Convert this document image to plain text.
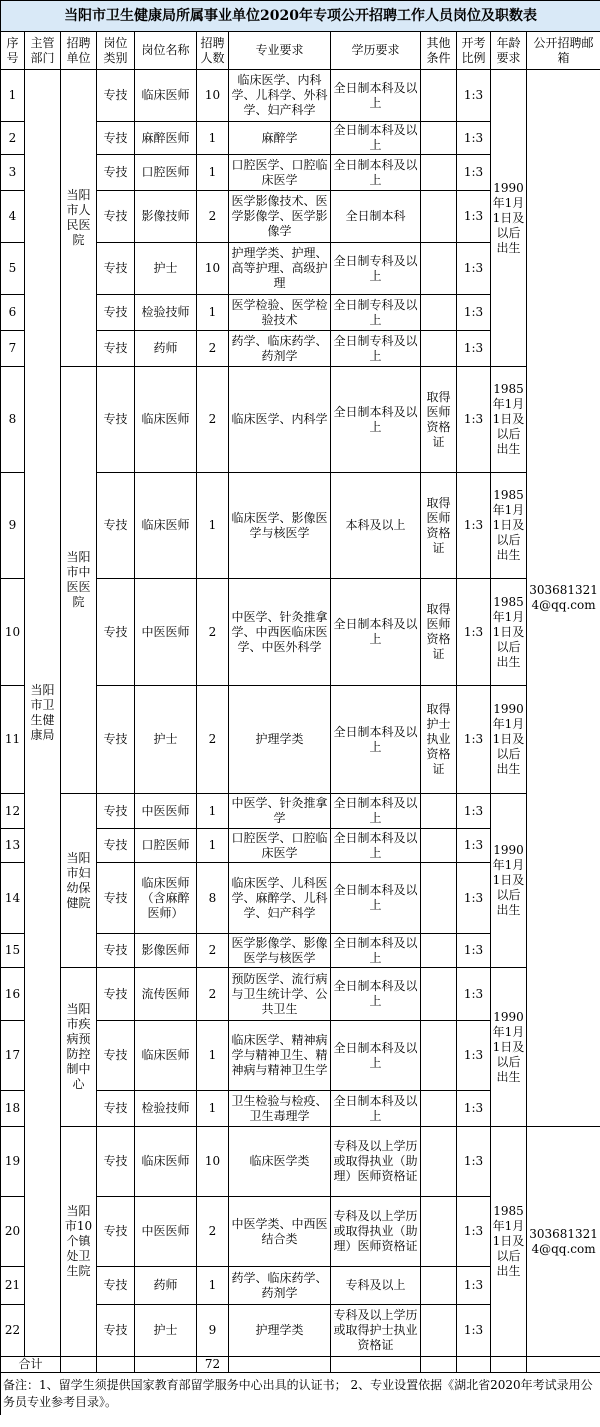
当阳市卫生健康局所属事业单位2020年专项公开招聘工作人员岗位及职数表											
序号	主管部门	招聘单位	岗位类别	岗位名称	招聘人数	专业要求	学历要求	其他条件	开考比例	年龄要求	公开招聘邮箱
1	当阳市卫生健康局	当阳市人民医院	专技	临床医师	10	临床医学、内科学、儿科学、外科学、妇产科学	全日制本科及以上		1:3	1990年1月1日及以后出生	3036813214@qq.com
2			专技	麻醉医师	1	麻醉学	全日制本科及以上		1:3		
3			专技	口腔医师	1	口腔医学、口腔临床医学	全日制本科及以上		1:3		
4			专技	影像技师	2	医学影像技术、医学影像学、医学影像学	全日制本科		1:3		
5			专技	护士	10	护理学类、护理、高等护理、高级护理	全日制专科及以上		1:3		
6			专技	检验技师	1	医学检验、医学检验技术	全日制专科及以上		1:3		
7			专技	药师	2	药学、临床药学、药剂学	全日制专科及以上		1:3		
8		当阳市中医医院	专技	临床医师	2	临床医学、内科学	全日制本科及以上	取得医师资格证	1:3	1985年1月1日及以后出生	
9			专技	临床医师	1	临床医学、影像医学与核医学	本科及以上	取得医师资格证	1:3	1985年1月1日及以后出生	
10			专技	中医医师	2	中医学、针灸推拿学、中西医临床医学、中医外科学	全日制本科及以上	取得医师资格证	1:3	1985年1月1日及以后出生	
11			专技	护士	2	护理学类	全日制本科及以上	取得护士执业资格证	1:3	1990年1月1日及以后出生	
12		当阳市妇幼保健院	专技	中医医师	1	中医学、针灸推拿学	全日制本科及以上		1:3	1990年1月1日及以后出生	
13			专技	口腔医师	1	口腔医学、口腔临床医学	全日制本科及以上		1:3		
14			专技	临床医师（含麻醉医师）	8	临床医学、儿科医学、麻醉学、儿科学、妇产科学	全日制本科及以上		1:3		
15			专技	影像医师	2	医学影像学、影像医学与核医学	全日制本科及以上		1:3		
16		当阳市疾病预防控制中心	专技	流传医师	2	预防医学、流行病与卫生统计学、公共卫生	全日制本科及以上		1:3	1990年1月1日及以后出生	
17			专技	临床医师	1	临床医学、精神病学与精神卫生、精神病与精神卫生学	全日制本科及以上		1:3		
18			专技	检验技师	1	卫生检验与检疫、卫生毒理学	全日制本科及以上		1:3		
19		当阳市10个镇处卫生院	专技	临床医师	10	临床医学类	专科及以上学历或取得执业（助理）医师资格证		1:3	1985年1月1日及以后出生	3036813214@qq.com
20			专技	中医医师	2	中医学类、中西医结合类	专科及以上学历或取得执业（助理）医师资格证		1:3		
21			专技	药师	1	药学、临床药学、药剂学	专科及以上		1:3		
22			专技	护士	9	护理学类	专科及以上学历或取得护士执业资格证		1:3		
合计					72						
备注：1、留学生须提供国家教育部留学服务中心出具的认证书； 2、专业设置依据《湖北省2020年考试录用公务员专业参考目录》。											
